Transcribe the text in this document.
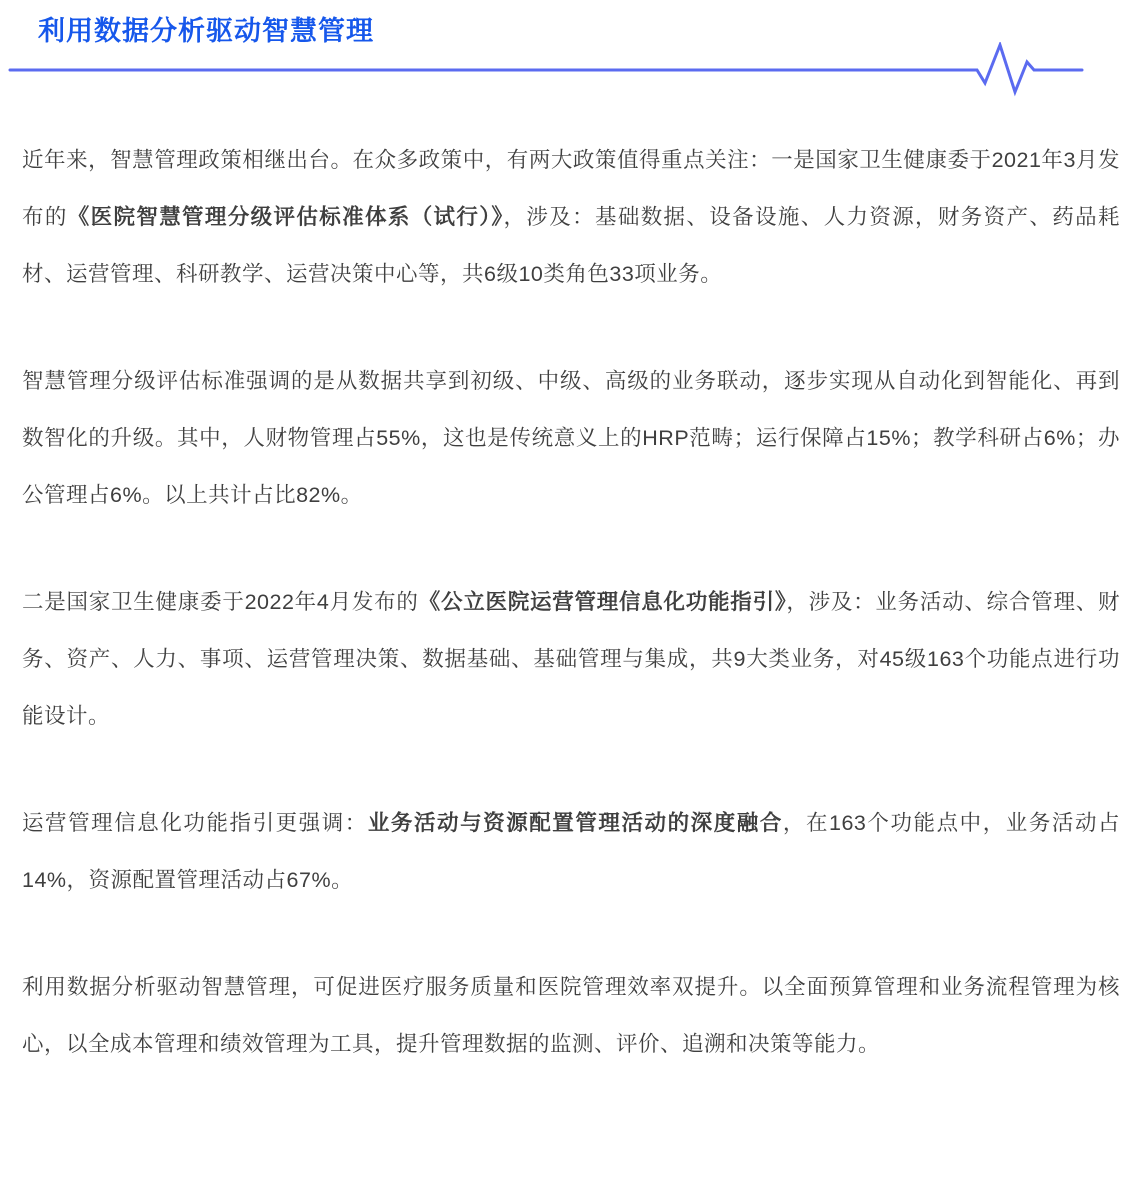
利用数据分析驱动智慧管理

近年来，智慧管理政策相继出台。在众多政策中，有两大政策值得重点关注：一是国家卫生健康委于2021年3月发布的《医院智慧管理分级评估标准体系（试行）》，涉及：基础数据、设备设施、人力资源，财务资产、药品耗材、运营管理、科研教学、运营决策中心等，共6级10类角色33项业务。

智慧管理分级评估标准强调的是从数据共享到初级、中级、高级的业务联动，逐步实现从自动化到智能化、再到数智化的升级。其中，人财物管理占55%，这也是传统意义上的HRP范畴；运行保障占15%；教学科研占6%；办公管理占6%。以上共计占比82%。

二是国家卫生健康委于2022年4月发布的《公立医院运营管理信息化功能指引》，涉及：业务活动、综合管理、财务、资产、人力、事项、运营管理决策、数据基础、基础管理与集成，共9大类业务，对45级163个功能点进行功能设计。

运营管理信息化功能指引更强调：业务活动与资源配置管理活动的深度融合，在163个功能点中，业务活动占14%，资源配置管理活动占67%。

利用数据分析驱动智慧管理，可促进医疗服务质量和医院管理效率双提升。以全面预算管理和业务流程管理为核心，以全成本管理和绩效管理为工具，提升管理数据的监测、评价、追溯和决策等能力。
